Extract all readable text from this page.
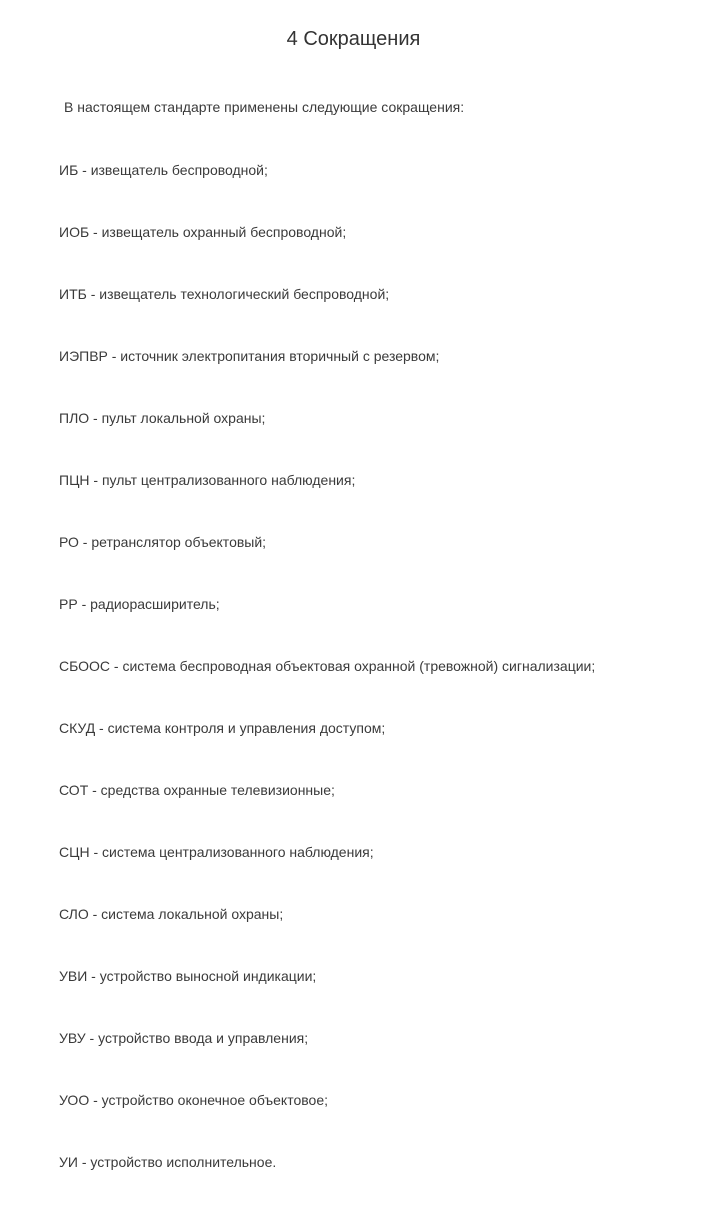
4 Сокращения

В настоящем стандарте применены следующие сокращения:

ИБ - извещатель беспроводной;
ИОБ - извещатель охранный беспроводной;
ИТБ - извещатель технологический беспроводной;
ИЭПВР - источник электропитания вторичный с резервом;
ПЛО - пульт локальной охраны;
ПЦН - пульт централизованного наблюдения;
РО - ретранслятор объектовый;
РР - радиорасширитель;
СБООС - система беспроводная объектовая охранной (тревожной) сигнализации;
СКУД - система контроля и управления доступом;
СОТ - средства охранные телевизионные;
СЦН - система централизованного наблюдения;
СЛО - система локальной охраны;
УВИ - устройство выносной индикации;
УВУ - устройство ввода и управления;
УОО - устройство оконечное объектовое;
УИ - устройство исполнительное.
